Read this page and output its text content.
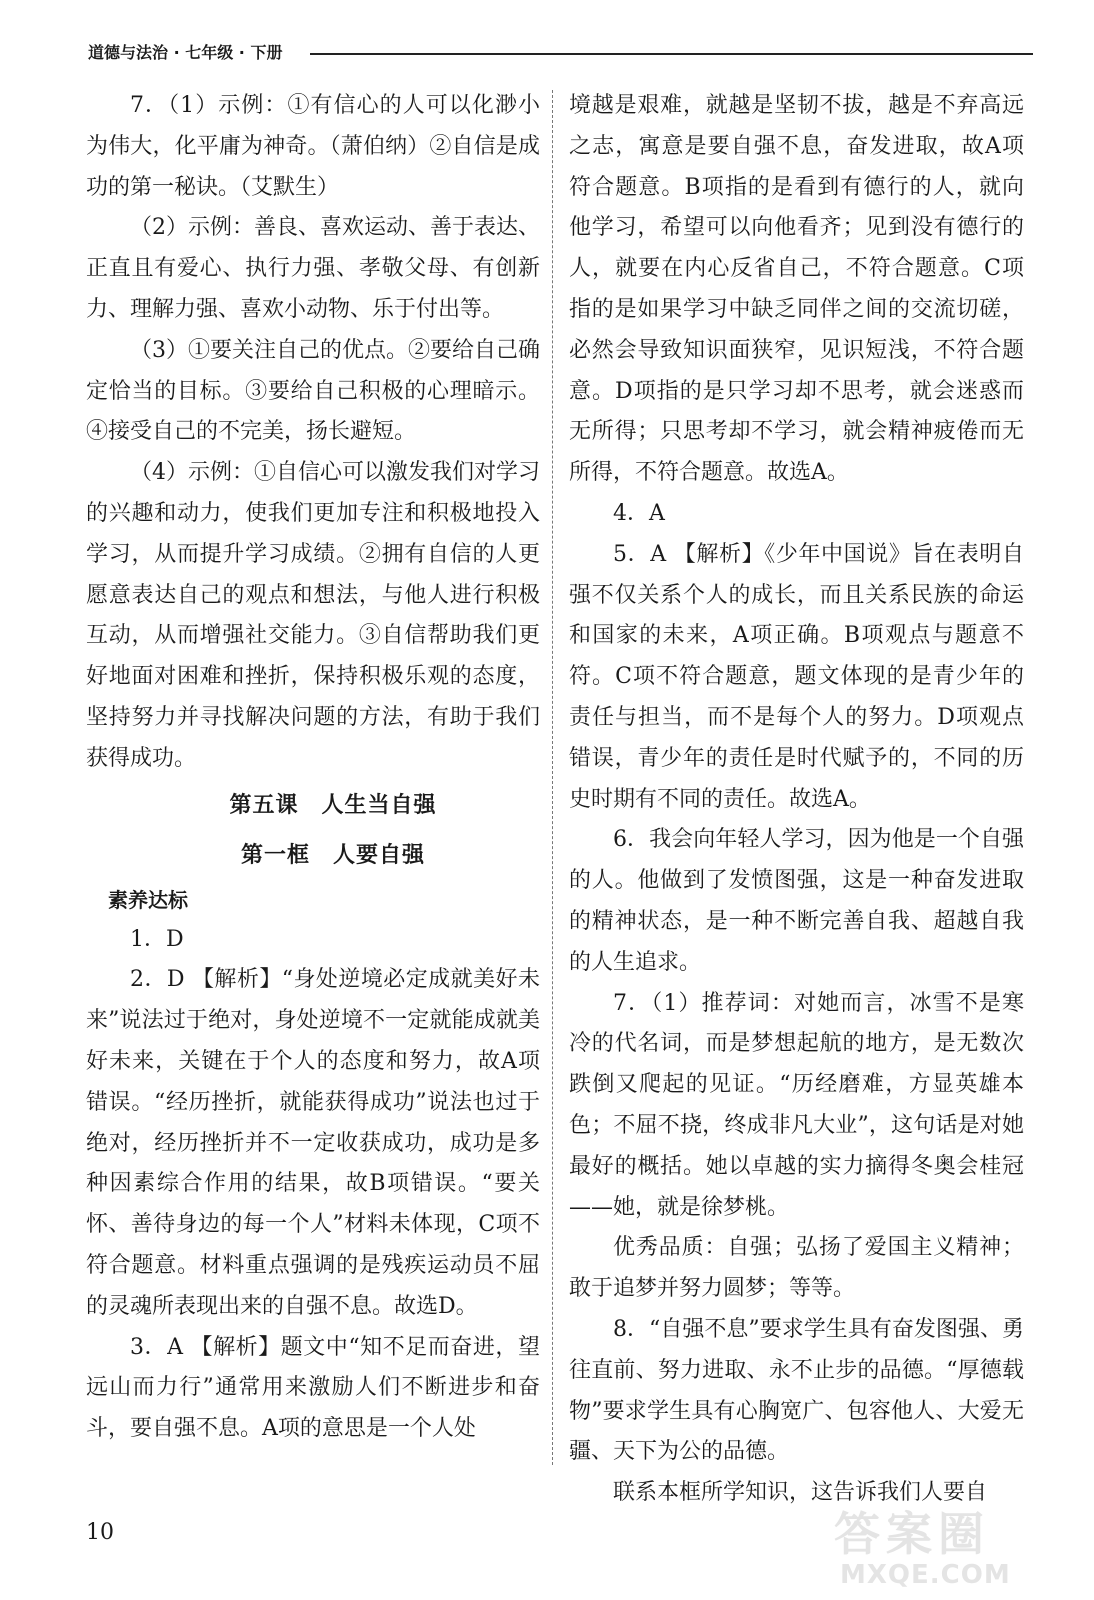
道德与法治 · 七年级 · 下册

7．（1）示例：①有信心的人可以化渺小为伟大，化平庸为神奇。（萧伯纳）②自信是成功的第一秘诀。（艾默生）

（2）示例：善良、喜欢运动、善于表达、正直且有爱心、执行力强、孝敬父母、有创新力、理解力强、喜欢小动物、乐于付出等。

（3）①要关注自己的优点。②要给自己确定恰当的目标。③要给自己积极的心理暗示。④接受自己的不完美，扬长避短。

（4）示例：①自信心可以激发我们对学习的兴趣和动力，使我们更加专注和积极地投入学习，从而提升学习成绩。②拥有自信的人更愿意表达自己的观点和想法，与他人进行积极互动，从而增强社交能力。③自信帮助我们更好地面对困难和挫折，保持积极乐观的态度，坚持努力并寻找解决问题的方法，有助于我们获得成功。

第五课　人生当自强
第一框　人要自强
素养达标

1．D

2．D 【解析】“身处逆境必定成就美好未来”说法过于绝对，身处逆境不一定就能成就美好未来，关键在于个人的态度和努力，故A项错误。“经历挫折，就能获得成功”说法也过于绝对，经历挫折并不一定收获成功，成功是多种因素综合作用的结果，故B项错误。“要关怀、善待身边的每一个人”材料未体现，C项不符合题意。材料重点强调的是残疾运动员不屈的灵魂所表现出来的自强不息。故选D。

3．A 【解析】题文中“知不足而奋进，望远山而力行”通常用来激励人们不断进步和奋斗，要自强不息。A项的意思是一个人处

境越是艰难，就越是坚韧不拔，越是不弃高远之志，寓意是要自强不息，奋发进取，故A项符合题意。B项指的是看到有德行的人，就向他学习，希望可以向他看齐；见到没有德行的人，就要在内心反省自己，不符合题意。C项指的是如果学习中缺乏同伴之间的交流切磋，必然会导致知识面狭窄，见识短浅，不符合题意。D项指的是只学习却不思考，就会迷惑而无所得；只思考却不学习，就会精神疲倦而无所得，不符合题意。故选A。

4．A

5．A 【解析】《少年中国说》旨在表明自强不仅关系个人的成长，而且关系民族的命运和国家的未来，A项正确。B项观点与题意不符。C项不符合题意，题文体现的是青少年的责任与担当，而不是每个人的努力。D项观点错误，青少年的责任是时代赋予的，不同的历史时期有不同的责任。故选A。

6．我会向年轻人学习，因为他是一个自强的人。他做到了发愤图强，这是一种奋发进取的精神状态，是一种不断完善自我、超越自我的人生追求。

7．（1）推荐词：对她而言，冰雪不是寒冷的代名词，而是梦想起航的地方，是无数次跌倒又爬起的见证。“历经磨难，方显英雄本色；不屈不挠，终成非凡大业”，这句话是对她最好的概括。她以卓越的实力摘得冬奥会桂冠——她，就是徐梦桃。

优秀品质：自强；弘扬了爱国主义精神；敢于追梦并努力圆梦；等等。

8．“自强不息”要求学生具有奋发图强、勇往直前、努力进取、永不止步的品德。“厚德载物”要求学生具有心胸宽广、包容他人、大爱无疆、天下为公的品德。

联系本框所学知识，这告诉我们人要自

10	答案圈
MXQE.COM
